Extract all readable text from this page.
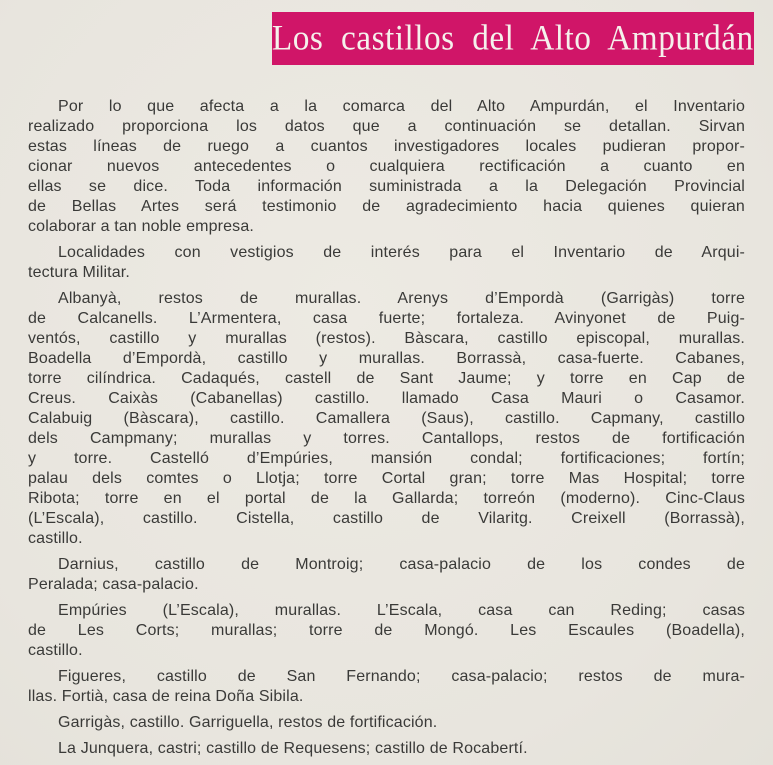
Los castillos del Alto Ampurdán
Por lo que afecta a la comarca del Alto Ampurdán, el Inventario
realizado proporciona los datos que a continuación se detallan. Sirvan
estas líneas de ruego a cuantos investigadores locales pudieran propor-
cionar nuevos antecedentes o cualquiera rectificación a cuanto en
ellas se dice. Toda información suministrada a la Delegación Provincial
de Bellas Artes será testimonio de agradecimiento hacia quienes quieran
colaborar a tan noble empresa.
Localidades con vestigios de interés para el Inventario de Arqui-
tectura Militar.
Albanyà, restos de murallas. Arenys d’Empordà (Garrigàs) torre
de Calcanells. L’Armentera, casa fuerte; fortaleza. Avinyonet de Puig-
ventós, castillo y murallas (restos). Bàscara, castillo episcopal, murallas.
Boadella d’Empordà, castillo y murallas. Borrassà, casa-fuerte. Cabanes,
torre cilíndrica. Cadaqués, castell de Sant Jaume; y torre en Cap de
Creus. Caixàs (Cabanellas) castillo. llamado Casa Mauri o Casamor.
Calabuig (Bàscara), castillo. Camallera (Saus), castillo. Capmany, castillo
dels Campmany; murallas y torres. Cantallops, restos de fortificación
y torre. Castelló d’Empúries, mansión condal; fortificaciones; fortín;
palau dels comtes o Llotja; torre Cortal gran; torre Mas Hospital; torre
Ribota; torre en el portal de la Gallarda; torreón (moderno). Cinc-Claus
(L’Escala), castillo. Cistella, castillo de Vilaritg. Creixell (Borrassà),
castillo.
Darnius, castillo de Montroig; casa-palacio de los condes de
Peralada; casa-palacio.
Empúries (L’Escala), murallas. L’Escala, casa can Reding; casas
de Les Corts; murallas; torre de Mongó. Les Escaules (Boadella),
castillo.
Figueres, castillo de San Fernando; casa-palacio; restos de mura-
llas. Fortià, casa de reina Doña Sibila.
Garrigàs, castillo. Garriguella, restos de fortificación.
La Junquera, castri; castillo de Requesens; castillo de Rocabertí.
